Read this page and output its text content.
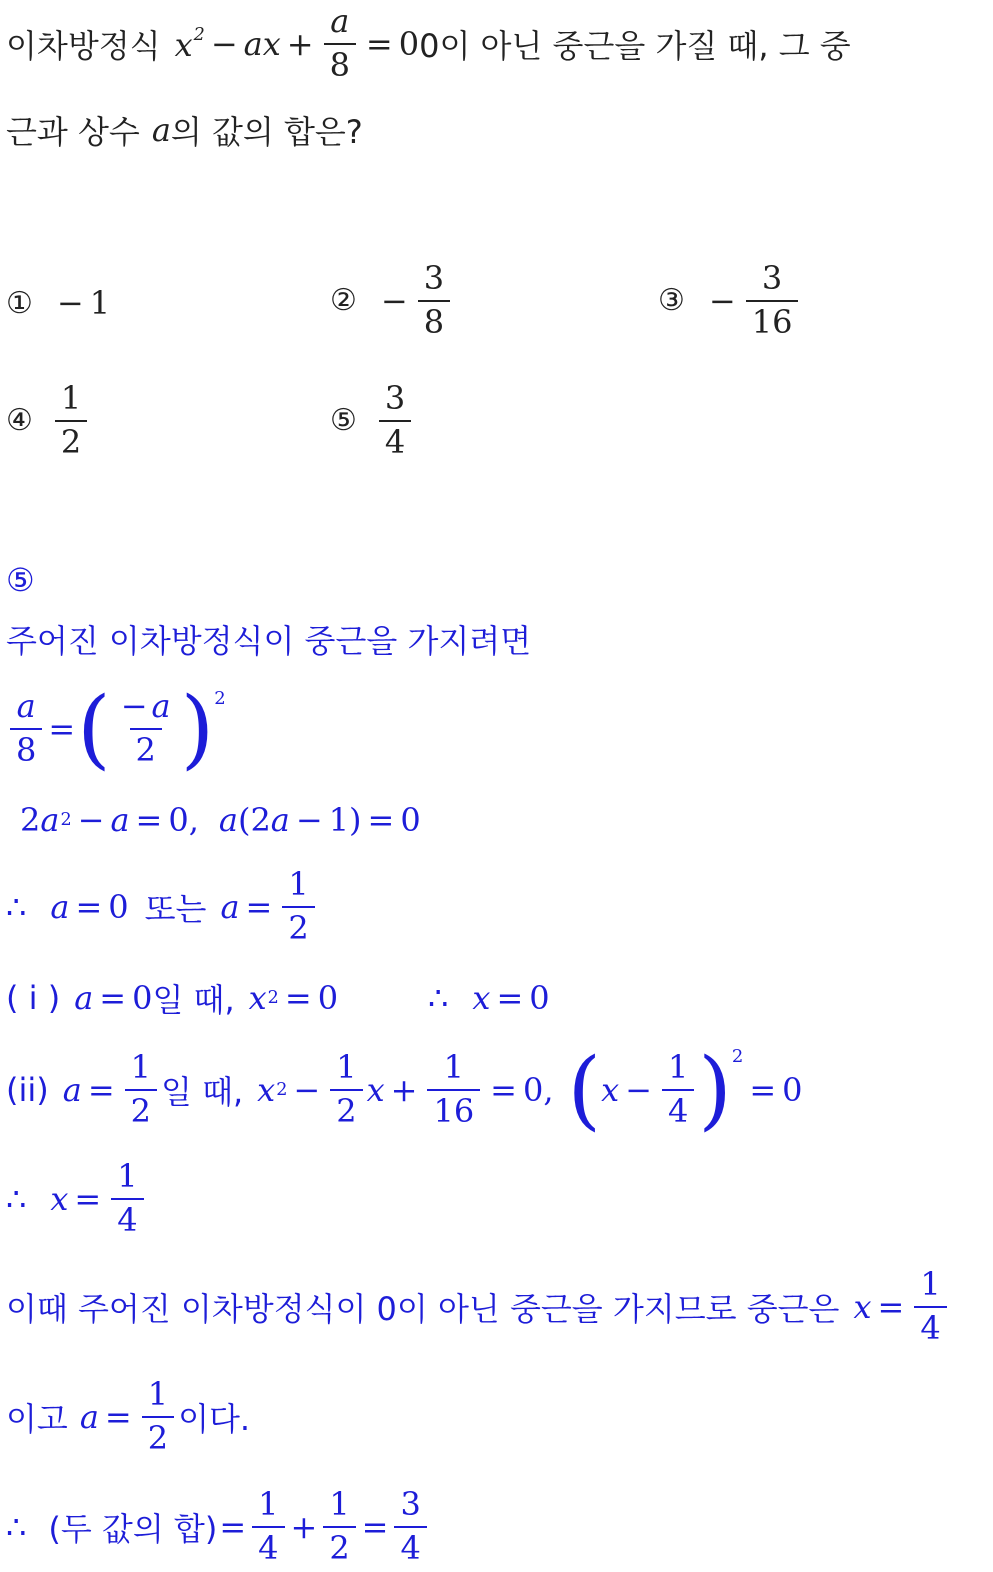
이차방정식 $x^2$ − ax + $\frac{a}{8} = 0$ 0이 아닌 중근을 가질 때, 그 중
근과 상수 a 의 값의 합은?
① − 1	② − $\frac{3}{8}$	③ − $\frac{3}{16}$
④ $\frac{1}{2}$	⑤ $\frac{3}{4}$
⑤
주어진 이차방정식이 중근을 가지려면
$\frac{a}{8}$ = ( $\frac{- a}{2}$ ) 2
2 a 2 − a = 0, a (2 a − 1) = 0
∴ a = 0 또는 $a = \frac{1}{2}$
( i ) a = 0 일 때, x 2 = 0	∴ x = 0
(ii) $a = \frac{1}{2}$ 일 때, x $2 - \frac{1}{2}$ $x + \frac{1}{16} = 0$, ( $x - \frac{1}{4}$ ) 2
= 0
∴ $x = \frac{1}{4}$
이때 주어진 이차방정식이 0이 아닌 중근을 가지므로 중근은 $x = \frac{1}{4}$
이고 $a = \frac{1}{2}$ 이다.
∴ (두 값의 합) = $\frac{1}{4} + \frac{1}{2} = \frac{3}{4}$
